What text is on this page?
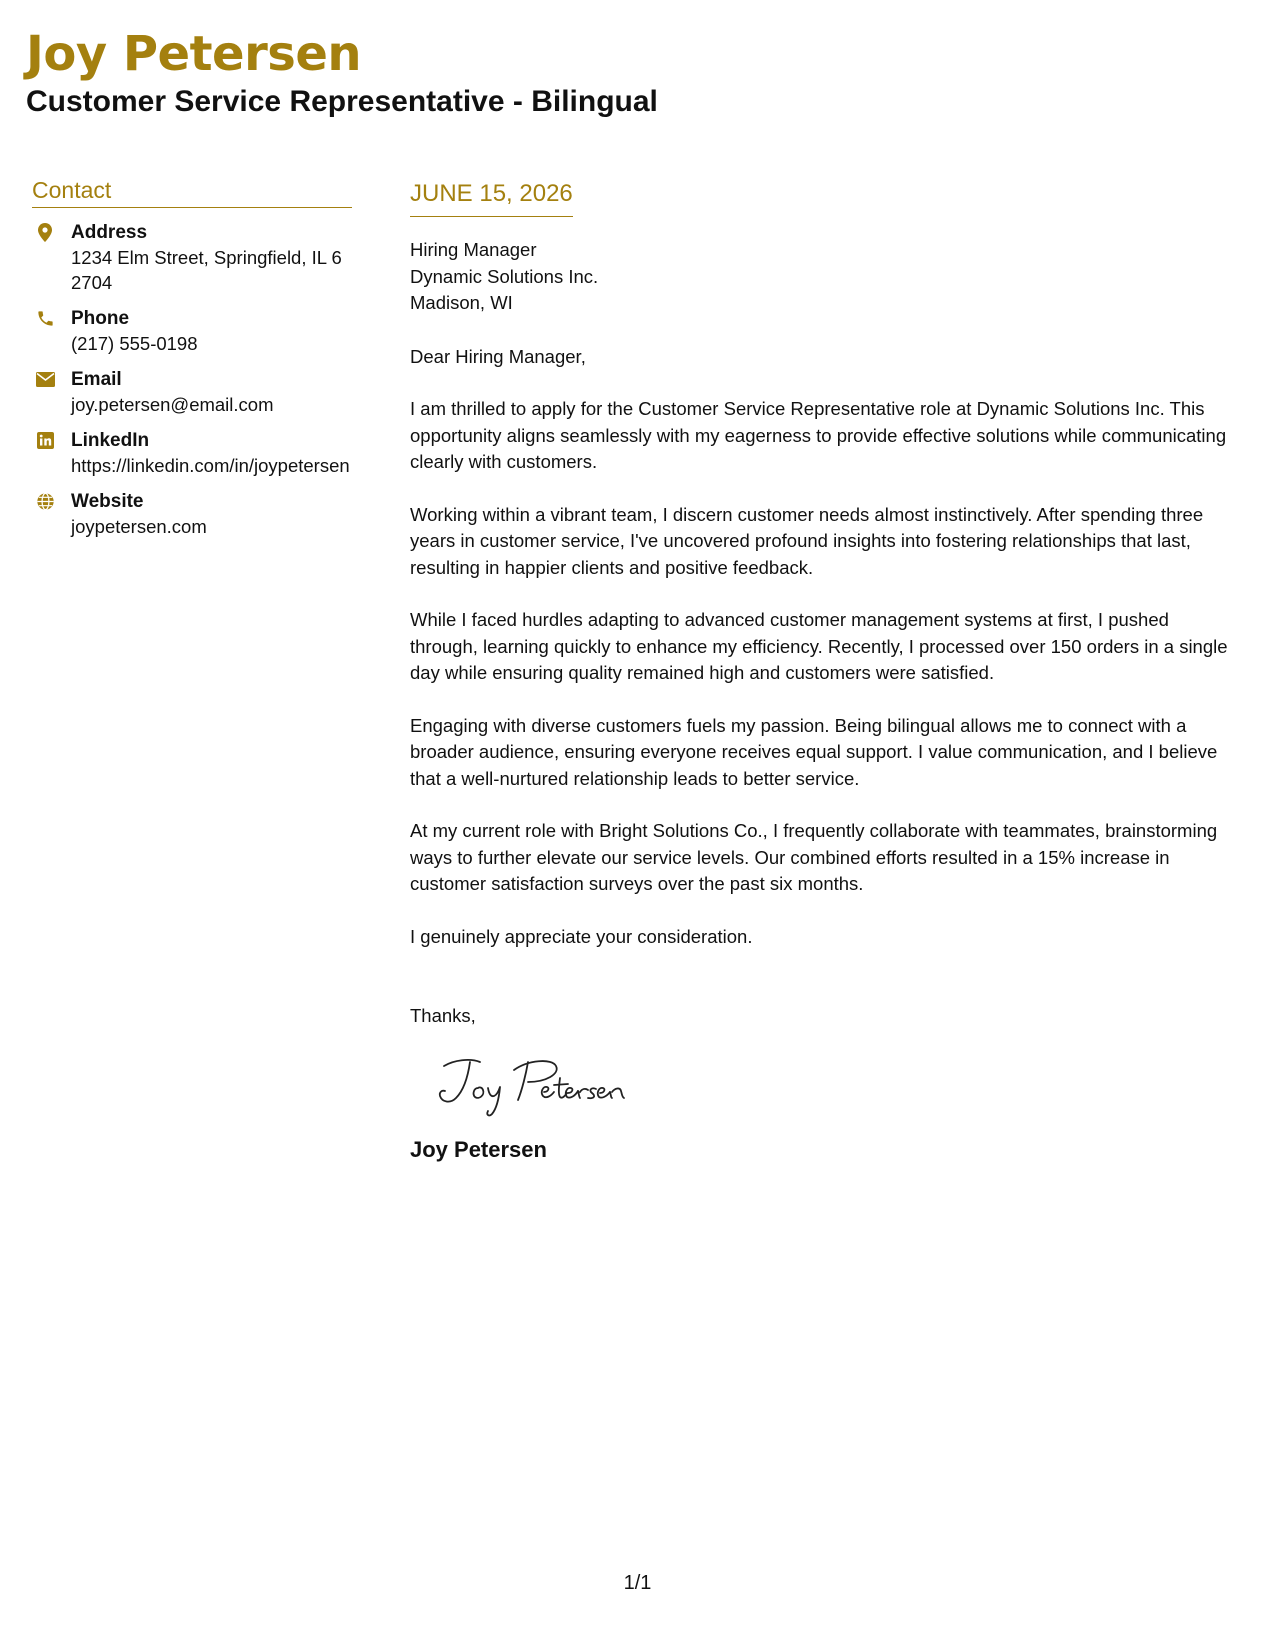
Joy Petersen
Customer Service Representative - Bilingual
Contact
Address
1234 Elm Street, Springfield, IL 62704
Phone
(217) 555-0198
Email
joy.petersen@email.com
LinkedIn
https://linkedin.com/in/joypetersen
Website
joypetersen.com
JUNE 15, 2026
Hiring Manager
Dynamic Solutions Inc.
Madison, WI
Dear Hiring Manager,

I am thrilled to apply for the Customer Service Representative role at Dynamic Solutions Inc. This opportunity aligns seamlessly with my eagerness to provide effective solutions while communicating clearly with customers.

Working within a vibrant team, I discern customer needs almost instinctively. After spending three years in customer service, I've uncovered profound insights into fostering relationships that last, resulting in happier clients and positive feedback.

While I faced hurdles adapting to advanced customer management systems at first, I pushed through, learning quickly to enhance my efficiency. Recently, I processed over 150 orders in a single day while ensuring quality remained high and customers were satisfied.

Engaging with diverse customers fuels my passion. Being bilingual allows me to connect with a broader audience, ensuring everyone receives equal support. I value communication, and I believe that a well-nurtured relationship leads to better service.

At my current role with Bright Solutions Co., I frequently collaborate with teammates, brainstorming ways to further elevate our service levels. Our combined efforts resulted in a 15% increase in customer satisfaction surveys over the past six months.

I genuinely appreciate your consideration.

Thanks,
Joy Petersen
1/1
